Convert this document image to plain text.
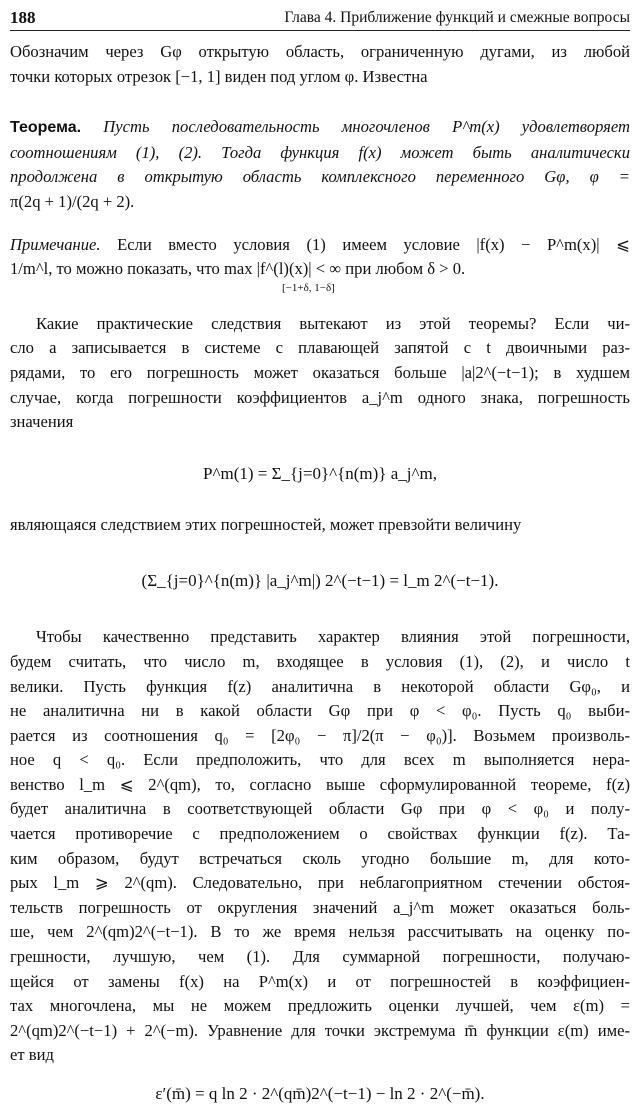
188	Глава 4. Приближение функций и смежные вопросы

Обозначим через Gφ открытую область, ограниченную дугами, из любой
точки которых отрезок [−1, 1] виден под углом φ. Известна

Теорема. Пусть последовательность многочленов P^m(x) удовлетворяет
соотношениям (1), (2). Тогда функция f(x) может быть аналитически
продолжена в открытую область комплексного переменного Gφ, φ =
π(2q + 1)/(2q + 2).

Примечание. Если вместо условия (1) имеем условие |f(x) − P^m(x)| ⩽
1/m^l, то можно показать, что max |f^(l)(x)| < ∞ при любом δ > 0.
[−1+δ, 1−δ]

Какие практические следствия вытекают из этой теоремы? Если чи-
сло a записывается в системе с плавающей запятой с t двоичными раз-
рядами, то его погрешность может оказаться больше |a|2^(−t−1); в худшем
случае, когда погрешности коэффициентов a_j^m одного знака, погрешность
значения

P^m(1) = Σ_{j=0}^{n(m)} a_j^m,

являющаяся следствием этих погрешностей, может превзойти величину

(Σ_{j=0}^{n(m)} |a_j^m|) 2^(−t−1) = l_m 2^(−t−1).

Чтобы качественно представить характер влияния этой погрешности,
будем считать, что число m, входящее в условия (1), (2), и число t
велики. Пусть функция f(z) аналитична в некоторой области Gφ₀, и
не аналитична ни в какой области Gφ при φ < φ₀. Пусть q₀ выби-
рается из соотношения q₀ = [2φ₀ − π]/2(π − φ₀)]. Возьмем произволь-
ное q < q₀. Если предположить, что для всех m выполняется нера-
венство l_m ⩽ 2^(qm), то, согласно выше сформулированной теореме, f(z)
будет аналитична в соответствующей области Gφ при φ < φ₀ и полу-
чается противоречие с предположением о свойствах функции f(z). Та-
ким образом, будут встречаться сколь угодно большие m, для кото-
рых l_m ⩾ 2^(qm). Следовательно, при неблагоприятном стечении обстоя-
тельств погрешность от округления значений a_j^m может оказаться боль-
ше, чем 2^(qm)2^(−t−1). В то же время нельзя рассчитывать на оценку по-
грешности, лучшую, чем (1). Для суммарной погрешности, получаю-
щейся от замены f(x) на P^m(x) и от погрешностей в коэффициен-
тах многочлена, мы не можем предложить оценки лучшей, чем ε(m) =
2^(qm)2^(−t−1) + 2^(−m). Уравнение для точки экстремума m̄ функции ε(m) име-
ет вид

ε′(m̄) = q ln 2 · 2^(qm̄)2^(−t−1) − ln 2 · 2^(−m̄).
